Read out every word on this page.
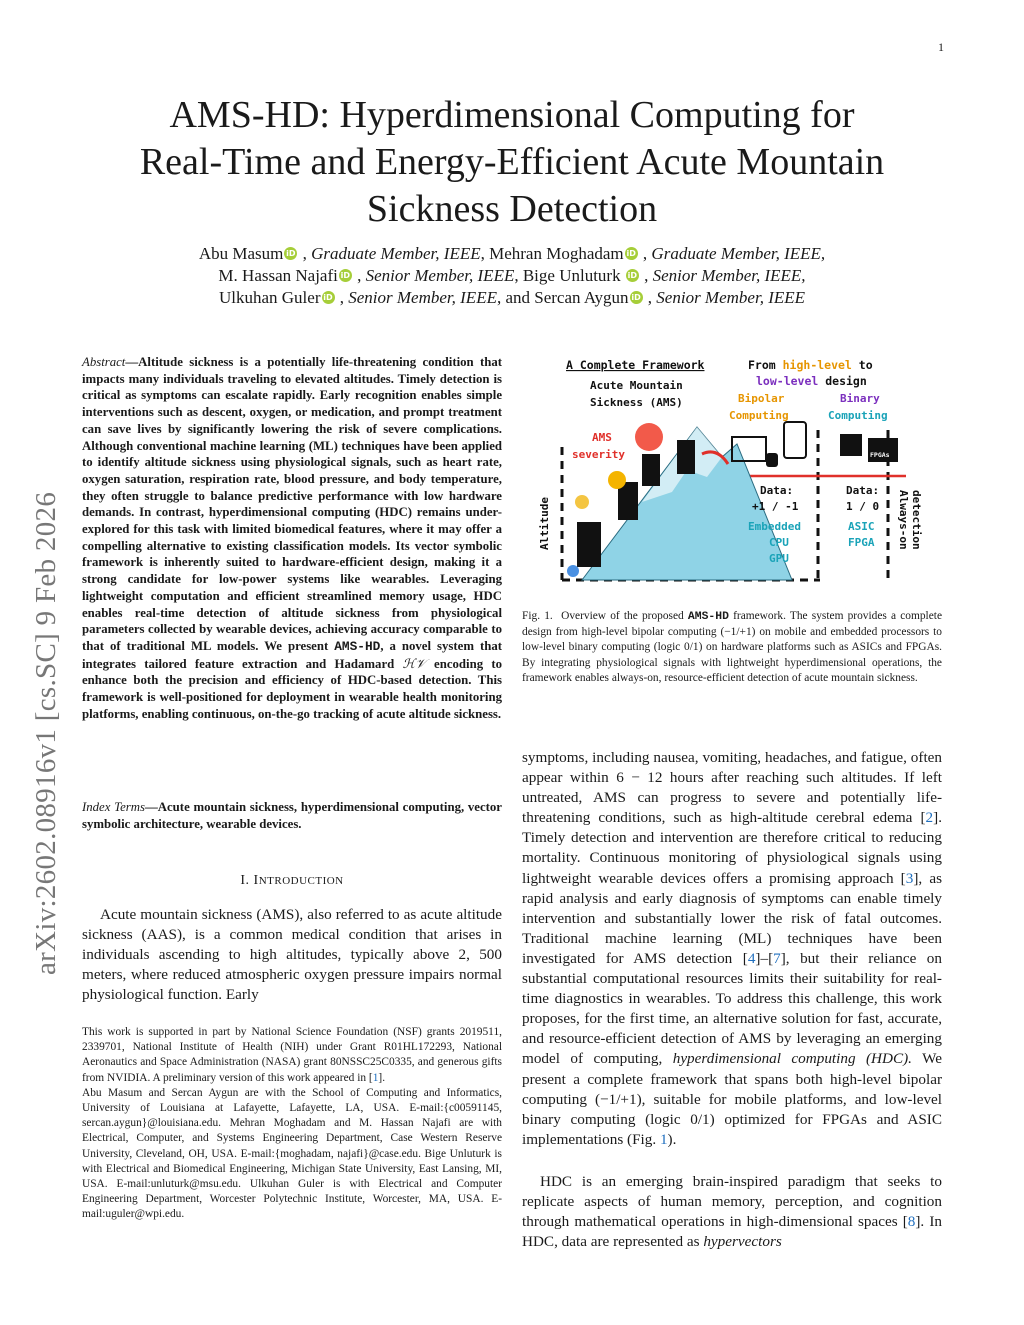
1
arXiv:2602.08916v1 [cs.SC] 9 Feb 2026
AMS-HD: Hyperdimensional Computing for
Real-Time and Energy-Efficient Acute Mountain
Sickness Detection
Abu Masum iD , Graduate Member, IEEE, Mehran Moghadam iD , Graduate Member, IEEE,
M. Hassan Najafi iD , Senior Member, IEEE, Bige Unluturk iD , Senior Member, IEEE,
Ulkuhan Guler iD , Senior Member, IEEE, and Sercan Aygun iD , Senior Member, IEEE
Abstract—Altitude sickness is a potentially life-threatening condition that impacts many individuals traveling to elevated altitudes. Timely detection is critical as symptoms can escalate rapidly. Early recognition enables simple interventions such as descent, oxygen, or medication, and prompt treatment can save lives by significantly lowering the risk of severe complications. Although conventional machine learning (ML) techniques have been applied to identify altitude sickness using physiological signals, such as heart rate, oxygen saturation, respiration rate, blood pressure, and body temperature, they often struggle to balance predictive performance with low hardware demands. In contrast, hyperdimensional computing (HDC) remains under-explored for this task with limited biomedical features, where it may offer a compelling alternative to existing classification models. Its vector symbolic framework is inherently suited to hardware-efficient design, making it a strong candidate for low-power systems like wearables. Leveraging lightweight computation and efficient streamlined memory usage, HDC enables real-time detection of altitude sickness from physiological parameters collected by wearable devices, achieving accuracy comparable to that of traditional ML models. We present AMS-HD, a novel system that integrates tailored feature extraction and Hadamard ℋ𝒱 encoding to enhance both the precision and efficiency of HDC-based detection. This framework is well-positioned for deployment in wearable health monitoring platforms, enabling continuous, on-the-go tracking of acute altitude sickness.
Index Terms—Acute mountain sickness, hyperdimensional computing, vector symbolic architecture, wearable devices.
I. INTRODUCTION
Acute mountain sickness (AMS), also referred to as acute altitude sickness (AAS), is a common medical condition that arises in individuals ascending to high altitudes, typically above 2, 500 meters, where reduced atmospheric oxygen pressure impairs normal physiological function. Early

This work is supported in part by National Science Foundation (NSF) grants 2019511, 2339701, National Institute of Health (NIH) under Grant R01HL172293, National Aeronautics and Space Administration (NASA) grant 80NSSC25C0335, and generous gifts from NVIDIA. A preliminary version of this work appeared in [1].

Abu Masum and Sercan Aygun are with the School of Computing and Informatics, University of Louisiana at Lafayette, Lafayette, LA, USA. E-mail:{c00591145, sercan.aygun}@louisiana.edu. Mehran Moghadam and M. Hassan Najafi are with Electrical, Computer, and Systems Engineering Department, Case Western Reserve University, Cleveland, OH, USA. E-mail:{moghadam, najafi}@case.edu. Bige Unluturk is with Electrical and Biomedical Engineering, Michigan State University, East Lansing, MI, USA. E-mail:unluturk@msu.edu. Ulkuhan Guler is with Electrical and Computer Engineering Department, Worcester Polytechnic Institute, Worcester, MA, USA. E-mail:uguler@wpi.edu.

A Complete Framework	From high-level to
low-level design
Acute Mountain
Sickness (AMS)	Bipolar
Computing
Binary
Computing
AMS
severity
Altitude
FPGAs
Data:
+1 / -1
Embedded
CPU
GPU
Data:
1 / 0
ASIC
FPGA Always-on detection
Fig. 1. Overview of the proposed AMS-HD framework. The system provides a complete design from high-level bipolar computing (−1/+1) on mobile and embedded processors to low-level binary computing (logic 0/1) on hardware platforms such as ASICs and FPGAs. By integrating physiological signals with lightweight hyperdimensional operations, the framework enables always-on, resource-efficient detection of acute mountain sickness.
symptoms, including nausea, vomiting, headaches, and fatigue, often appear within 6 − 12 hours after reaching such altitudes. If left untreated, AMS can progress to severe and potentially life-threatening conditions, such as high-altitude cerebral edema [2]. Timely detection and intervention are therefore critical to reducing mortality. Continuous monitoring of physiological signals using lightweight wearable devices offers a promising approach [3], as rapid analysis and early diagnosis of symptoms can enable timely intervention and substantially lower the risk of fatal outcomes. Traditional machine learning (ML) techniques have been investigated for AMS detection [4]–[7], but their reliance on substantial computational resources limits their suitability for real-time diagnostics in wearables. To address this challenge, this work proposes, for the first time, an alternative solution for fast, accurate, and resource-efficient detection of AMS by leveraging an emerging model of computing, hyperdimensional computing (HDC). We present a complete framework that spans both high-level bipolar computing (−1/+1), suitable for mobile platforms, and low-level binary computing (logic 0/1) optimized for FPGAs and ASIC implementations (Fig. 1).
HDC is an emerging brain-inspired paradigm that seeks to replicate aspects of human memory, perception, and cognition through mathematical operations in high-dimensional spaces [8]. In HDC, data are represented as hypervectors
